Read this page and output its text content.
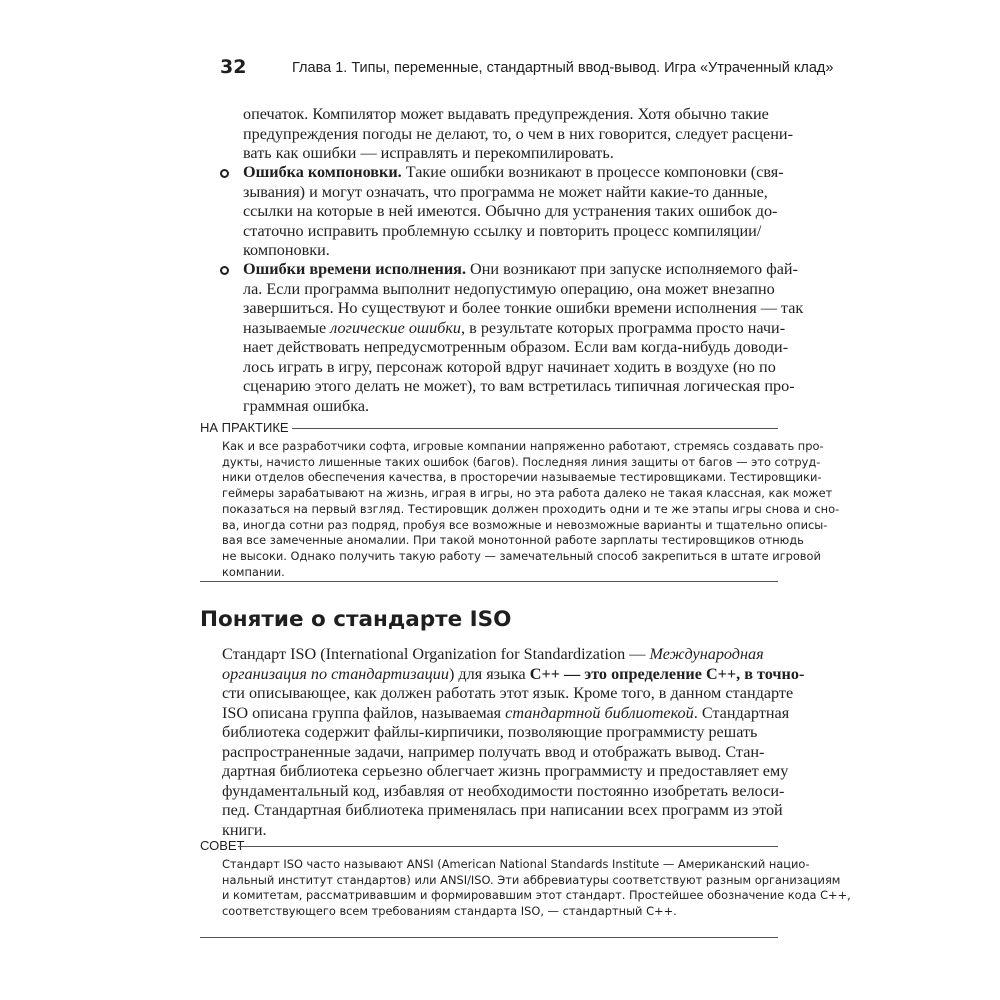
32	Глава 1. Типы, переменные, стандартный ввод-вывод. Игра «Утраченный клад»
опечаток. Компилятор может выдавать предупреждения. Хотя обычно такие
предупреждения погоды не делают, то, о чем в них говорится, следует расцени-
вать как ошибки — исправлять и перекомпилировать.
Ошибка компоновки. Такие ошибки возникают в процессе компоновки (свя-
зывания) и могут означать, что программа не может найти какие-то данные,
ссылки на которые в ней имеются. Обычно для устранения таких ошибок до-
статочно исправить проблемную ссылку и повторить процесс компиляции/
компоновки.
Ошибки времени исполнения. Они возникают при запуске исполняемого фай-
ла. Если программа выполнит недопустимую операцию, она может внезапно
завершиться. Но существуют и более тонкие ошибки времени исполнения — так
называемые логические ошибки, в результате которых программа просто начи-
нает действовать непредусмотренным образом. Если вам когда-нибудь доводи-
лось играть в игру, персонаж которой вдруг начинает ходить в воздухе (но по
сценарию этого делать не может), то вам встретилась типичная логическая про-
граммная ошибка.
НА ПРАКТИКЕ
Как и все разработчики софта, игровые компании напряженно работают, стремясь создавать про-
дукты, начисто лишенные таких ошибок (багов). Последняя линия защиты от багов — это сотруд-
ники отделов обеспечения качества, в просторечии называемые тестировщиками. Тестировщики-
геймеры зарабатывают на жизнь, играя в игры, но эта работа далеко не такая классная, как может
показаться на первый взгляд. Тестировщик должен проходить одни и те же этапы игры снова и сно-
ва, иногда сотни раз подряд, пробуя все возможные и невозможные варианты и тщательно описы-
вая все замеченные аномалии. При такой монотонной работе зарплаты тестировщиков отнюдь
не высоки. Однако получить такую работу — замечательный способ закрепиться в штате игровой
компании.
Понятие о стандарте ISO
Стандарт ISO (International Organization for Standardization — Международная
организация по стандартизации) для языка C++ — это определение C++, в точно-
сти описывающее, как должен работать этот язык. Кроме того, в данном стандарте
ISO описана группа файлов, называемая стандартной библиотекой. Стандартная
библиотека содержит файлы-кирпичики, позволяющие программисту решать
распространенные задачи, например получать ввод и отображать вывод. Стан-
дартная библиотека серьезно облегчает жизнь программисту и предоставляет ему
фундаментальный код, избавляя от необходимости постоянно изобретать велоси-
пед. Стандартная библиотека применялась при написании всех программ из этой
книги.
СОВЕТ
Стандарт ISO часто называют ANSI (American National Standards Institute — Американский нацио-
нальный институт стандартов) или ANSI/ISO. Эти аббревиатуры соответствуют разным организациям
и комитетам, рассматривавшим и формировавшим этот стандарт. Простейшее обозначение кода C++,
соответствующего всем требованиям стандарта ISO, — стандартный C++.
